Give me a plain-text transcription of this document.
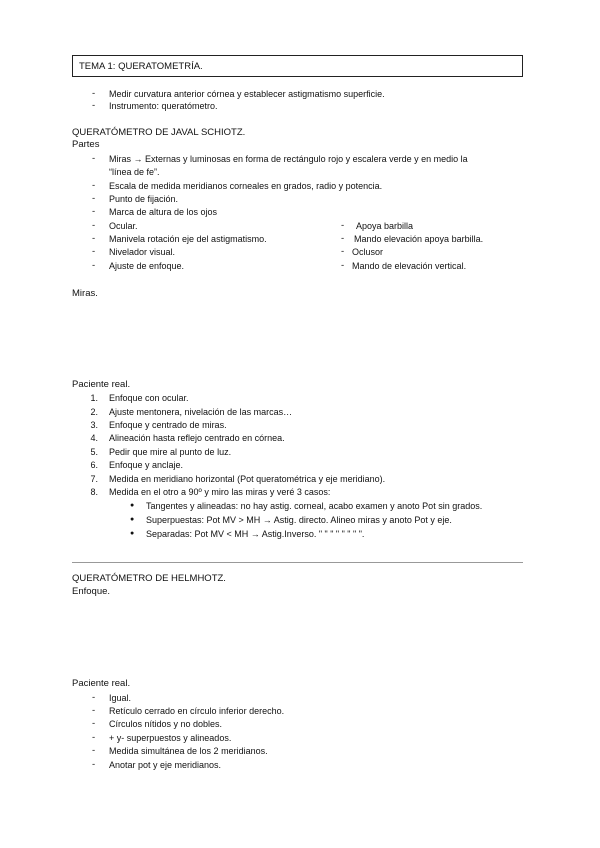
TEMA 1: QUERATOMETRÍA.
- Medir curvatura anterior córnea y establecer astigmatismo superficie.
- Instrumento: queratómetro.
QUERATÓMETRO DE JAVAL SCHIOTZ.
Partes
- Miras → Externas y luminosas en forma de rectángulo rojo y escalera verde y en medio la
“línea de fe”.
- Escala de medida meridianos corneales en grados, radio y potencia.
- Punto de fijación.
- Marca de altura de los ojos
- Ocular.
- Manivela rotación eje del astigmatismo.
- Nivelador visual.
- Ajuste de enfoque.
- Apoya barbilla
- Mando elevación apoya barbilla.
- Oclusor
- Mando de elevación vertical.
Miras.
Paciente real.
1. Enfoque con ocular.
2. Ajuste mentonera, nivelación de las marcas…
3. Enfoque y centrado de miras.
4. Alineación hasta reflejo centrado en córnea.
5. Pedir que mire al punto de luz.
6. Enfoque y anclaje.
7. Medida en meridiano horizontal (Pot queratométrica y eje meridiano).
8. Medida en el otro a 90º y miro las miras y veré 3 casos:
● Tangentes y alineadas: no hay astig. corneal, acabo examen y anoto Pot sin grados.
● Superpuestas: Pot MV > MH → Astig. directo. Alineo miras y anoto Pot y eje.
● Separadas: Pot MV < MH → Astig.Inverso. " " " " " " " ".
QUERATÓMETRO DE HELMHOTZ.
Enfoque.
Paciente real.
- Igual.
- Retículo cerrado en círculo inferior derecho.
- Círculos nítidos y no dobles.
- + y- superpuestos y alineados.
- Medida simultánea de los 2 meridianos.
- Anotar pot y eje meridianos.
